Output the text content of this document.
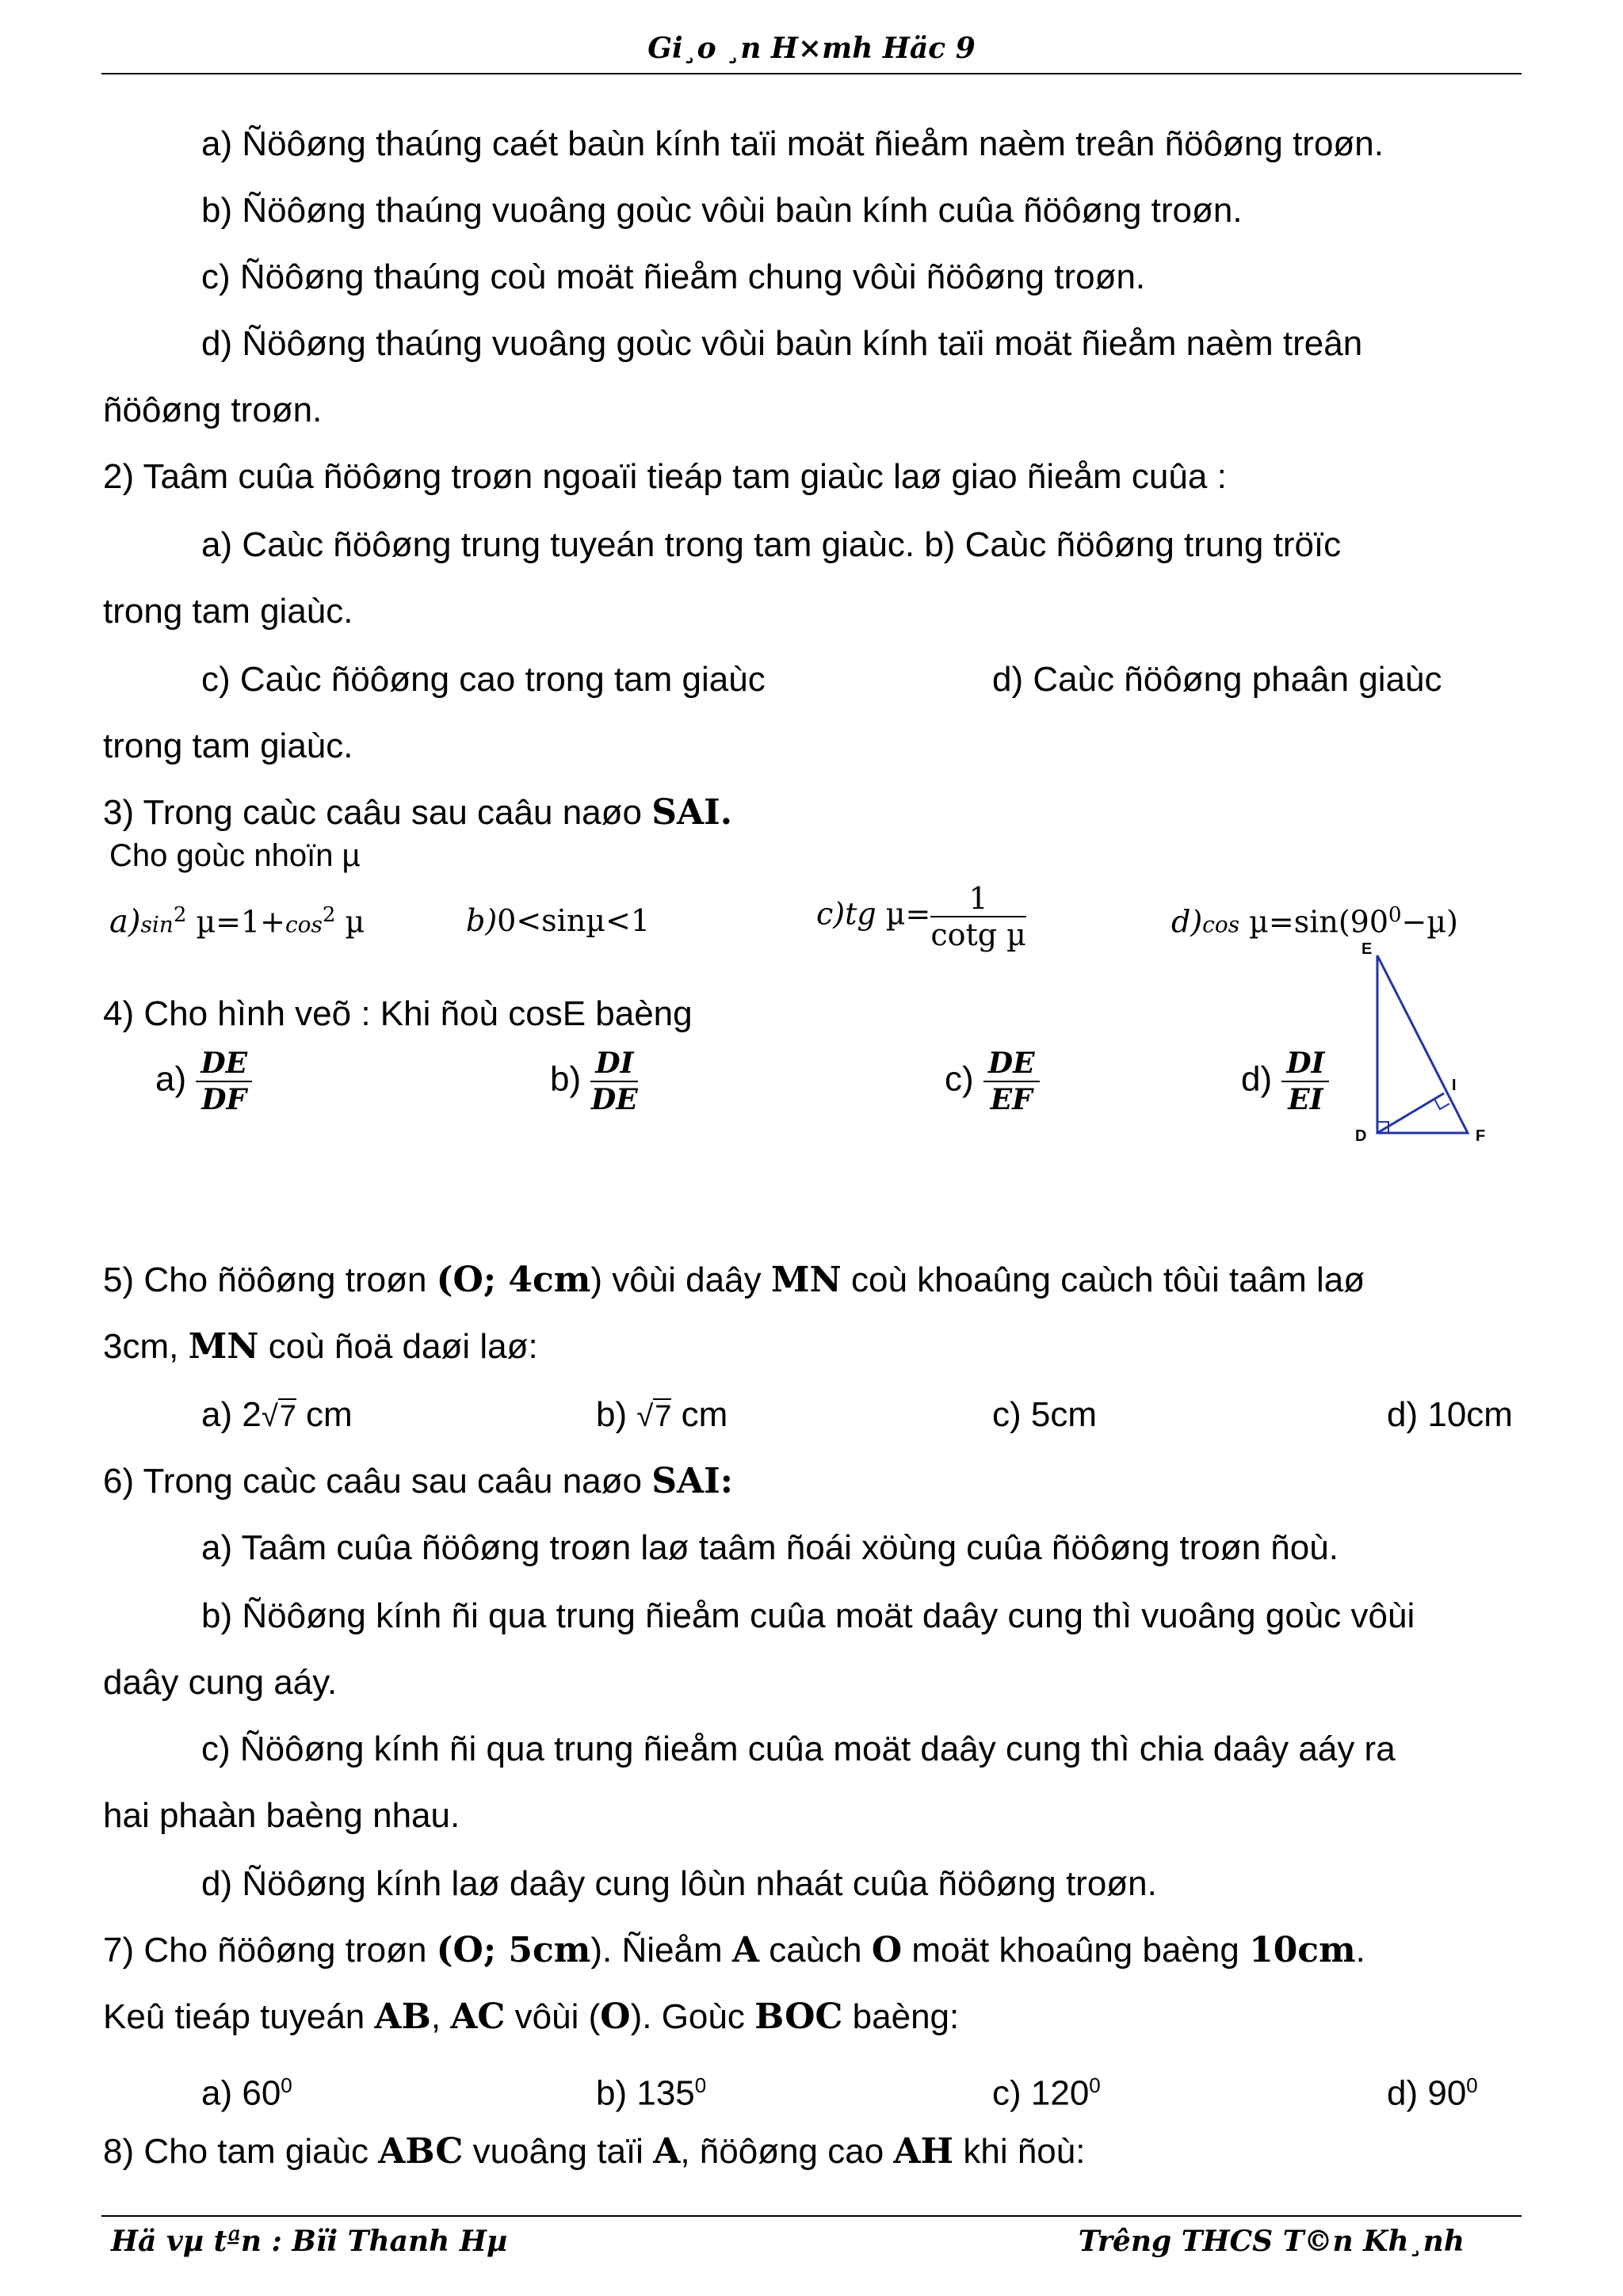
Gi¸o ¸n H×mh Häc 9
a) Ñöôøng thaúng caét baùn kính taïi moät ñieåm naèm treân ñöôøng troøn.
b) Ñöôøng thaúng vuoâng goùc vôùi baùn kính cuûa ñöôøng troøn.
c) Ñöôøng thaúng coù moät ñieåm chung vôùi ñöôøng troøn.
d) Ñöôøng thaúng vuoâng goùc vôùi baùn kính taïi moät ñieåm naèm treân
ñöôøng troøn.
2) Taâm cuûa ñöôøng troøn ngoaïi tieáp tam giaùc laø giao ñieåm cuûa :
a) Caùc ñöôøng trung tuyeán trong tam giaùc. b) Caùc ñöôøng trung tröïc
trong tam giaùc.
c) Caùc ñöôøng cao trong tam giaùc	d) Caùc ñöôøng phaân giaùc
trong tam giaùc.
3) Trong caùc caâu sau caâu naøo SAI.
Cho goùc nhoïn µ
$a)\sin^2$ $\mu=1+\cos^2$ µ	b)0<sinµ<1	c)tg $\mu= \frac{1}{\text{cotg µ}}$	d)cos $\mu=\sin(90^0-\mu)$
E
I
D	F
4) Cho hình veõ : Khi ñoù cosE baèng
$a) \frac{DE}{DF}$	$b) \frac{DI}{DE}$	$c) \frac{DE}{EF}$	$d) \frac{DI}{EI}$
5) Cho ñöôøng troøn (O; 4cm) vôùi daây MN coù khoaûng caùch tôùi taâm laø
3cm, MN coù ñoä daøi laø:
a) 2√7 cm	b) √7 cm	c) 5cm	d) 10cm
6) Trong caùc caâu sau caâu naøo SAI:
a) Taâm cuûa ñöôøng troøn laø taâm ñoái xöùng cuûa ñöôøng troøn ñoù.
b) Ñöôøng kính ñi qua trung ñieåm cuûa moät daây cung thì vuoâng goùc vôùi
daây cung aáy.
c) Ñöôøng kính ñi qua trung ñieåm cuûa moät daây cung thì chia daây aáy ra
hai phaàn baèng nhau.
d) Ñöôøng kính laø daây cung lôùn nhaát cuûa ñöôøng troøn.
7) Cho ñöôøng troøn (O; 5cm). Ñieåm A caùch O moät khoaûng baèng 10cm.
Keû tieáp tuyeán AB, AC vôùi (O). Goùc BOC baèng:
a) $60^0$	b) $135^0$	c) $120^0$	d) $90^0$
8) Cho tam giaùc ABC vuoâng taïi A, ñöôøng cao AH khi ñoù:
Hä vµ tªn : Bïi Thanh Hµ	Trêng THCS T©n Kh¸nh
